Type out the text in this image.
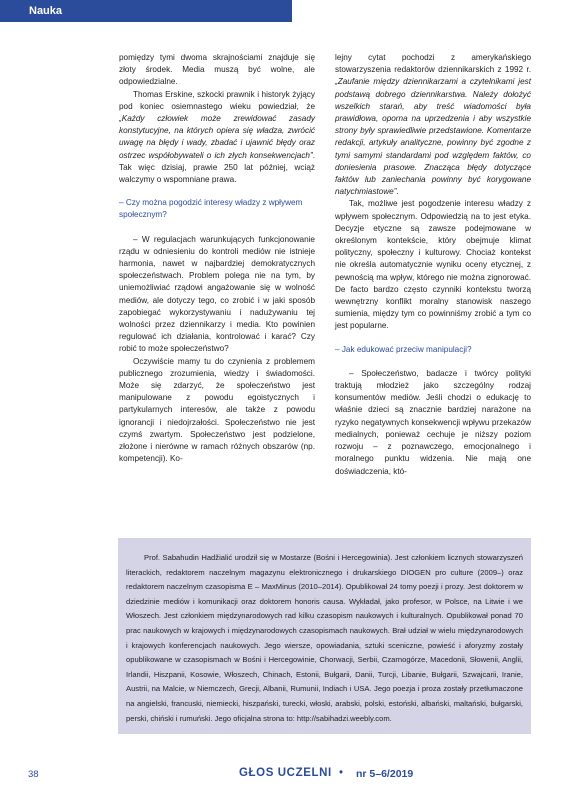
Nauka

pomiędzy tymi dwoma skrajnościami znajduje się złoty środek. Media muszą być wolne, ale odpowiedzialne.

Thomas Erskine, szkocki prawnik i historyk żyjący pod koniec osiemnastego wieku powiedział, że „Każdy człowiek może zrewidować zasady konstytucyjne, na których opiera się władza, zwrócić uwagę na błędy i wady, zbadać i ujawnić błędy oraz ostrzec współobywateli o ich złych konsekwencjach”. Tak więc dzisiaj, prawie 250 lat później, wciąż walczymy o wspomniane prawa.

– Czy można pogodzić interesy władzy z wpływem społecznym?

– W regulacjach warunkujących funkcjonowanie rządu w odniesieniu do kontroli mediów nie istnieje harmonia, nawet w najbardziej demokratycznych społeczeństwach. Problem polega nie na tym, by uniemożliwiać rządowi angażowanie się w wolność mediów, ale dotyczy tego, co zrobić i w jaki sposób zapobiegać wykorzystywaniu i nadużywaniu tej wolności przez dziennikarzy i media. Kto powinien regulować ich działania, kontrolować i karać? Czy robić to może społeczeństwo?

Oczywiście mamy tu do czynienia z problemem publicznego zrozumienia, wiedzy i świadomości. Może się zdarzyć, że społeczeństwo jest manipulowane z powodu egoistycznych i partykularnych interesów, ale także z powodu ignorancji i niedojrzałości. Społeczeństwo nie jest czymś zwartym. Społeczeństwo jest podzielone, złożone i nierówne w ramach różnych obszarów (np. kompetencji). Ko-

lejny cytat pochodzi z amerykańskiego stowarzyszenia redaktorów dziennikarskich z 1992 r. „Zaufanie między dziennikarzami a czytelnikami jest podstawą dobrego dziennikarstwa. Należy dołożyć wszelkich starań, aby treść wiadomości była prawidłowa, oporna na uprzedzenia i aby wszystkie strony były sprawiedliwie przedstawione. Komentarze redakcji, artykuły analityczne, powinny być zgodne z tymi samymi standardami pod względem faktów, co doniesienia prasowe. Znacząca błędy dotyczące faktów lub zaniechania powinny być korygowane natychmiastowe”.

Tak, możliwe jest pogodzenie interesu władzy z wpływem społecznym. Odpowiedzią na to jest etyka. Decyzje etyczne są zawsze podejmowane w określonym kontekście, który obejmuje klimat polityczny, społeczny i kulturowy. Chociaż kontekst nie określa automatycznie wyniku oceny etycznej, z pewnością ma wpływ, którego nie można zignorować. De facto bardzo często czynniki kontekstu tworzą wewnętrzny konflikt moralny stanowisk naszego sumienia, między tym co powinniśmy zrobić a tym co jest popularne.

– Jak edukować przeciw manipulacji?

– Społeczeństwo, badacze i twórcy polityki traktują młodzież jako szczególny rodzaj konsumentów mediów. Jeśli chodzi o edukację to właśnie dzieci są znacznie bardziej narażone na ryzyko negatywnych konsekwencji wpływu przekazów medialnych, ponieważ cechuje je niższy poziom rozwoju – z poznawczego, emocjonalnego i moralnego punktu widzenia. Nie mają one doświadczenia, któ-

Prof. Sabahudin Hadžialić urodził się w Mostarze (Bośni i Hercegowinia). Jest członkiem licznych stowarzyszeń literackich, redaktorem naczelnym magazynu elektronicznego i drukarskiego DIOGEN pro culture (2009–) oraz redaktorem naczelnym czasopisma E – MaxMinus (2010–2014). Opublikował 24 tomy poezji i prozy. Jest doktorem w dziedzinie mediów i komunikacji oraz doktorem honoris causa. Wykładał, jako profesor, w Polsce, na Litwie i we Włoszech. Jest członkiem międzynarodowych rad kilku czasopism naukowych i kulturalnych. Opublikował ponad 70 prac naukowych w krajowych i międzynarodowych czasopismach naukowych. Brał udział w wielu międzynarodowych i krajowych konferencjach naukowych. Jego wiersze, opowiadania, sztuki sceniczne, powieść i aforyzmy zostały opublikowane w czasopismach w Bośni i Hercegowinie, Chorwacji, Serbii, Czarnogórze, Macedonii, Słowenii, Anglii, Irlandii, Hiszpanii, Kosowie, Włoszech, Chinach, Estonii, Bułgarii, Danii, Turcji, Libanie, Bułgarii, Szwajcarii, Iranie, Austrii, na Malcie, w Niemczech, Grecji, Albanii, Rumunii, Indiach i USA. Jego poezja i proza zostały przetłumaczone na angielski, francuski, niemiecki, hiszpański, turecki, włoski, arabski, polski, estoński, albański, maltański, bułgarski, perski, chiński i rumuński. Jego oficjalna strona to: http://sabihadzi.weebly.com.

38	GŁOS UCZELNI • nr 5–6/2019
